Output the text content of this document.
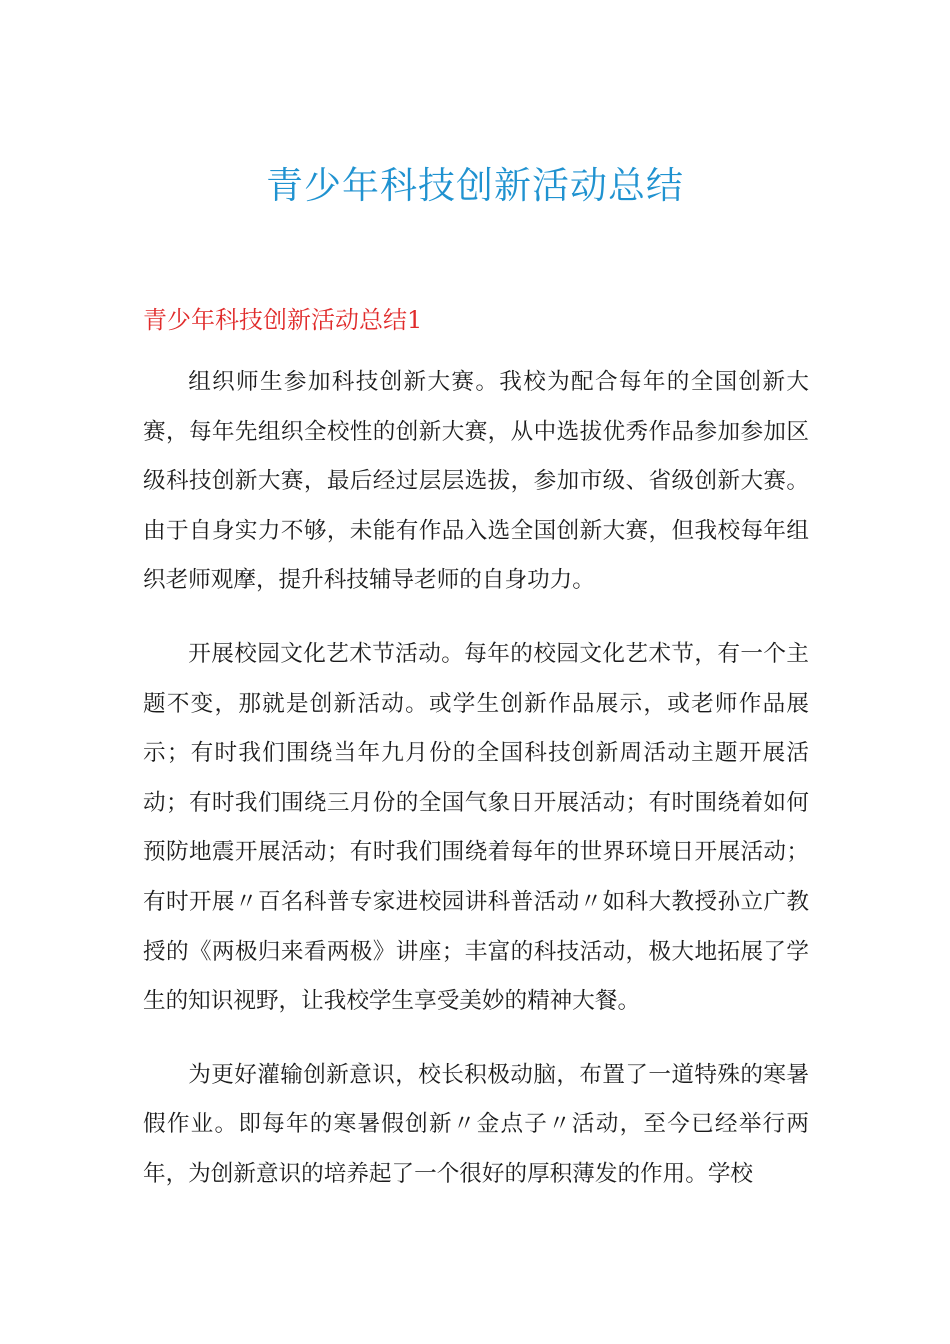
青少年科技创新活动总结
青少年科技创新活动总结1

组织师生参加科技创新大赛。我校为配合每年的全国创新大赛，每年先组织全校性的创新大赛，从中选拔优秀作品参加参加区级科技创新大赛，最后经过层层选拔，参加市级、省级创新大赛。由于自身实力不够，未能有作品入选全国创新大赛，但我校每年组织老师观摩，提升科技辅导老师的自身功力。

开展校园文化艺术节活动。每年的校园文化艺术节，有一个主题不变，那就是创新活动。或学生创新作品展示，或老师作品展示；有时我们围绕当年九月份的全国科技创新周活动主题开展活动；有时我们围绕三月份的全国气象日开展活动；有时围绕着如何预防地震开展活动；有时我们围绕着每年的世界环境日开展活动；有时开展〃百名科普专家进校园讲科普活动〃如科大教授孙立广教授的《两极归来看两极》讲座；丰富的科技活动，极大地拓展了学生的知识视野，让我校学生享受美妙的精神大餐。

为更好灌输创新意识，校长积极动脑，布置了一道特殊的寒暑假作业。即每年的寒暑假创新〃金点子〃活动，至今已经举行两年，为创新意识的培养起了一个很好的厚积薄发的作用。学校
